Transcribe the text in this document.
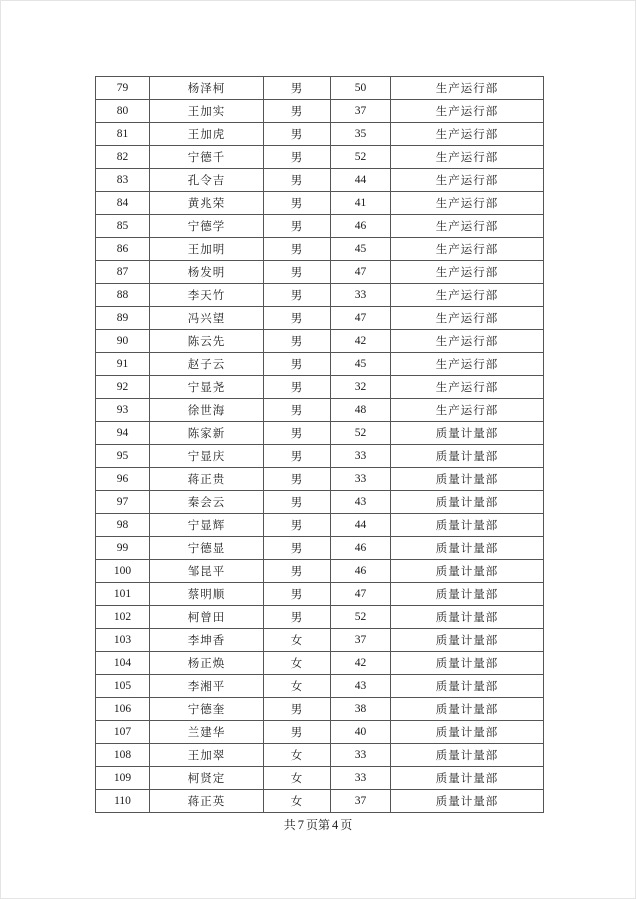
79	杨泽柯	男	50	生产运行部
80	王加实	男	37	生产运行部
81	王加虎	男	35	生产运行部
82	宁德千	男	52	生产运行部
83	孔令吉	男	44	生产运行部
84	黄兆荣	男	41	生产运行部
85	宁德学	男	46	生产运行部
86	王加明	男	45	生产运行部
87	杨发明	男	47	生产运行部
88	李天竹	男	33	生产运行部
89	冯兴望	男	47	生产运行部
90	陈云先	男	42	生产运行部
91	赵子云	男	45	生产运行部
92	宁显尧	男	32	生产运行部
93	徐世海	男	48	生产运行部
94	陈家新	男	52	质量计量部
95	宁显庆	男	33	质量计量部
96	蒋正贵	男	33	质量计量部
97	秦会云	男	43	质量计量部
98	宁显辉	男	44	质量计量部
99	宁德显	男	46	质量计量部
100	邹昆平	男	46	质量计量部
101	蔡明顺	男	47	质量计量部
102	柯曾田	男	52	质量计量部
103	李坤香	女	37	质量计量部
104	杨正焕	女	42	质量计量部
105	李湘平	女	43	质量计量部
106	宁德奎	男	38	质量计量部
107	兰建华	男	40	质量计量部
108	王加翠	女	33	质量计量部
109	柯贤定	女	33	质量计量部
110	蒋正英	女	37	质量计量部
共 7 页第 4 页
